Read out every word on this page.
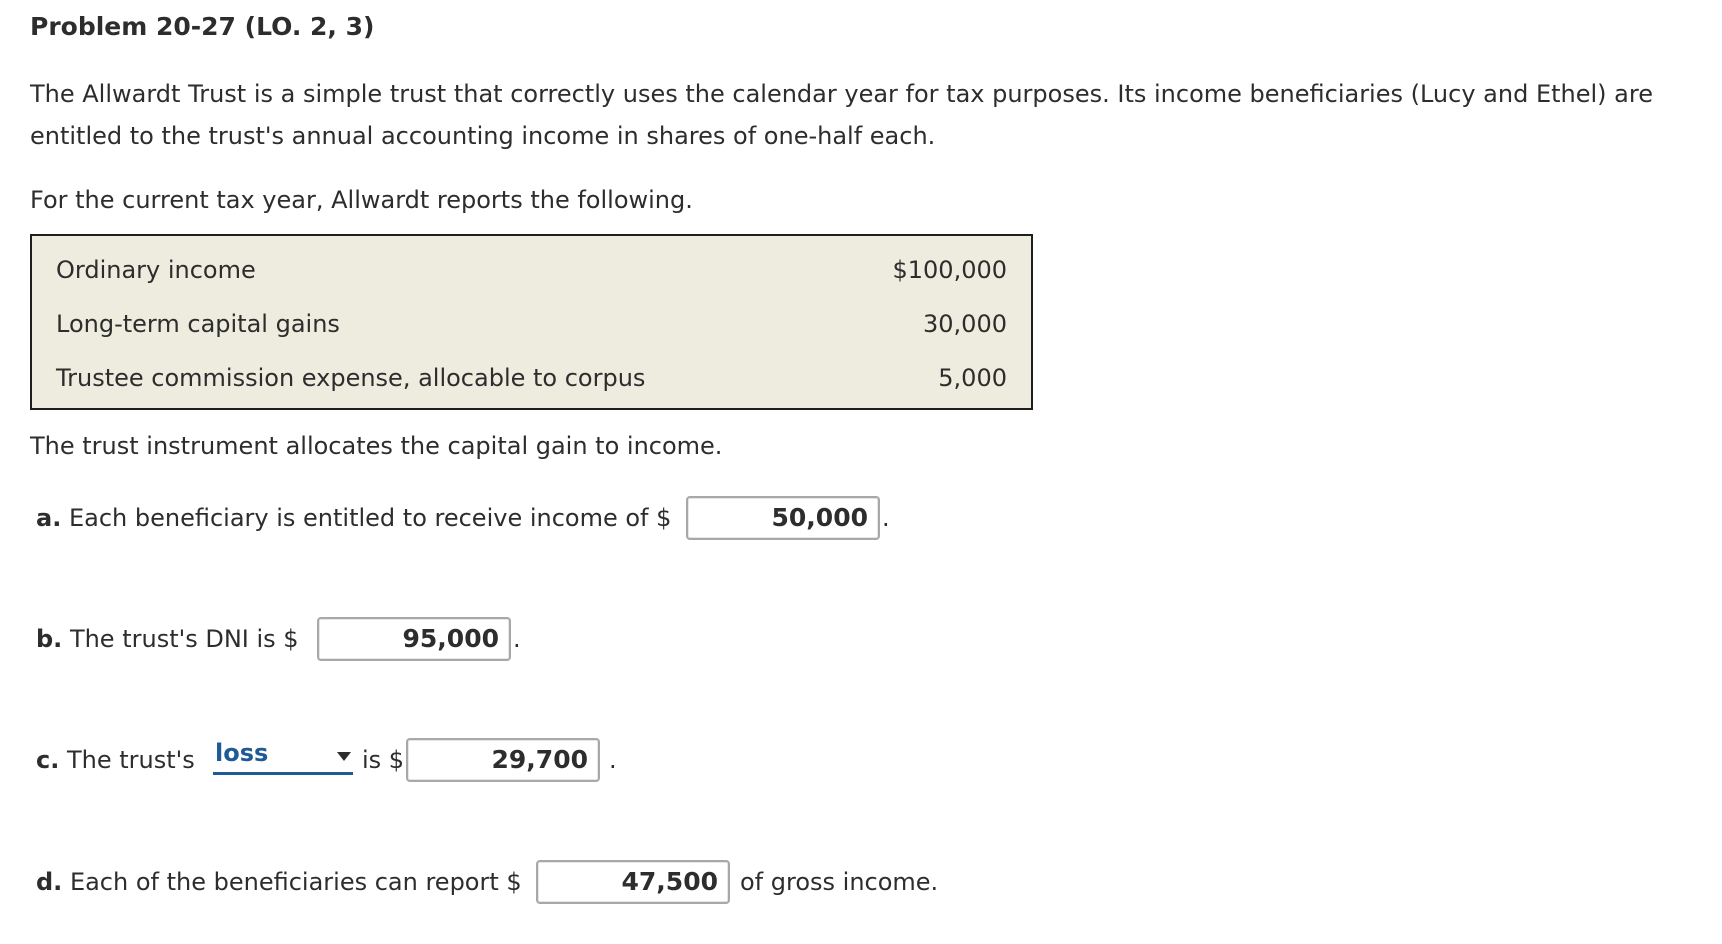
Problem 20-27 (LO. 2, 3)
The Allwardt Trust is a simple trust that correctly uses the calendar year for tax purposes. Its income beneficiaries (Lucy and Ethel) are entitled to the trust's annual accounting income in shares of one-half each.
For the current tax year, Allwardt reports the following.
Ordinary income	$100,000
Long-term capital gains	30,000
Trustee commission expense, allocable to corpus	5,000
The trust instrument allocates the capital gain to income.
a. Each beneficiary is entitled to receive income of $	50,000 .
b. The trust's DNI is $	95,000 .
c. The trust's loss	is $	29,700 .
d. Each of the beneficiaries can report $	47,500 of gross income.
